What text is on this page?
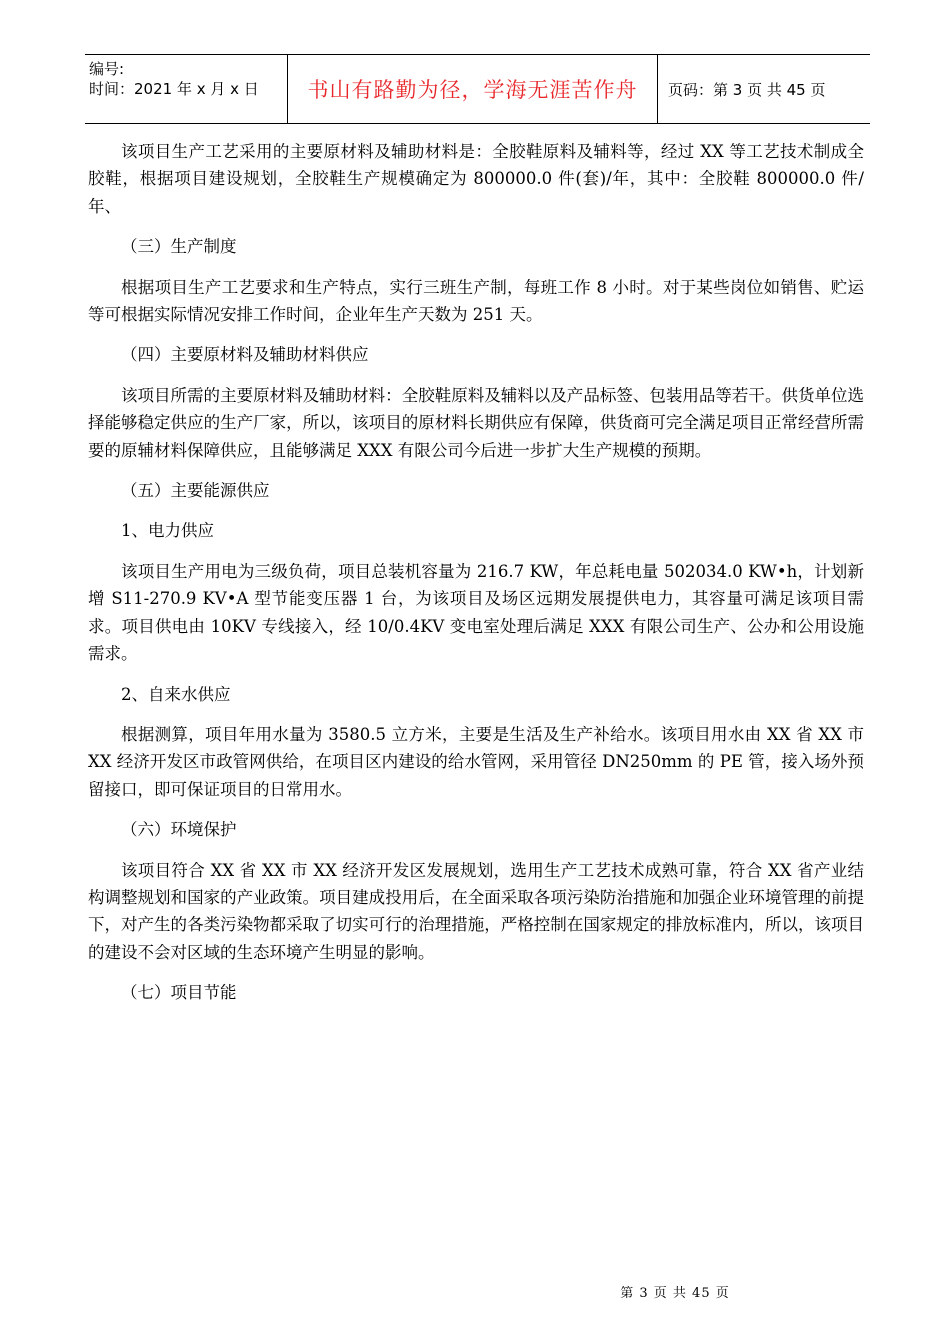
编号:
时间：2021 年 x 月 x 日	书山有路勤为径，学海无涯苦作舟	页码：第 3 页 共 45 页

该项目生产工艺采用的主要原材料及辅助材料是：全胶鞋原料及辅料等，经过 XX 等工艺技术制成全胶鞋，根据项目建设规划，全胶鞋生产规模确定为 800000.0 件(套)/年，其中：全胶鞋 800000.0 件/年、

（三）生产制度

根据项目生产工艺要求和生产特点，实行三班生产制，每班工作 8 小时。对于某些岗位如销售、贮运等可根据实际情况安排工作时间，企业年生产天数为 251 天。

（四）主要原材料及辅助材料供应

该项目所需的主要原材料及辅助材料：全胶鞋原料及辅料以及产品标签、包装用品等若干。供货单位选择能够稳定供应的生产厂家，所以，该项目的原材料长期供应有保障，供货商可完全满足项目正常经营所需要的原辅材料保障供应，且能够满足 XXX 有限公司今后进一步扩大生产规模的预期。

（五）主要能源供应

1、电力供应

该项目生产用电为三级负荷，项目总装机容量为 216.7 KW，年总耗电量 502034.0 KW•h，计划新增 S11-270.9 KV•A 型节能变压器 1 台，为该项目及场区远期发展提供电力，其容量可满足该项目需求。项目供电由 10KV 专线接入，经 10/0.4KV 变电室处理后满足 XXX 有限公司生产、公办和公用设施需求。

2、自来水供应

根据测算，项目年用水量为 3580.5 立方米，主要是生活及生产补给水。该项目用水由 XX 省 XX 市 XX 经济开发区市政管网供给，在项目区内建设的给水管网，采用管径 DN250mm 的 PE 管，接入场外预留接口，即可保证项目的日常用水。

（六）环境保护

该项目符合 XX 省 XX 市 XX 经济开发区发展规划，选用生产工艺技术成熟可靠，符合 XX 省产业结构调整规划和国家的产业政策。项目建成投用后，在全面采取各项污染防治措施和加强企业环境管理的前提下，对产生的各类污染物都采取了切实可行的治理措施，严格控制在国家规定的排放标准内，所以，该项目的建设不会对区域的生态环境产生明显的影响。

（七）项目节能

第 3 页 共 45 页
